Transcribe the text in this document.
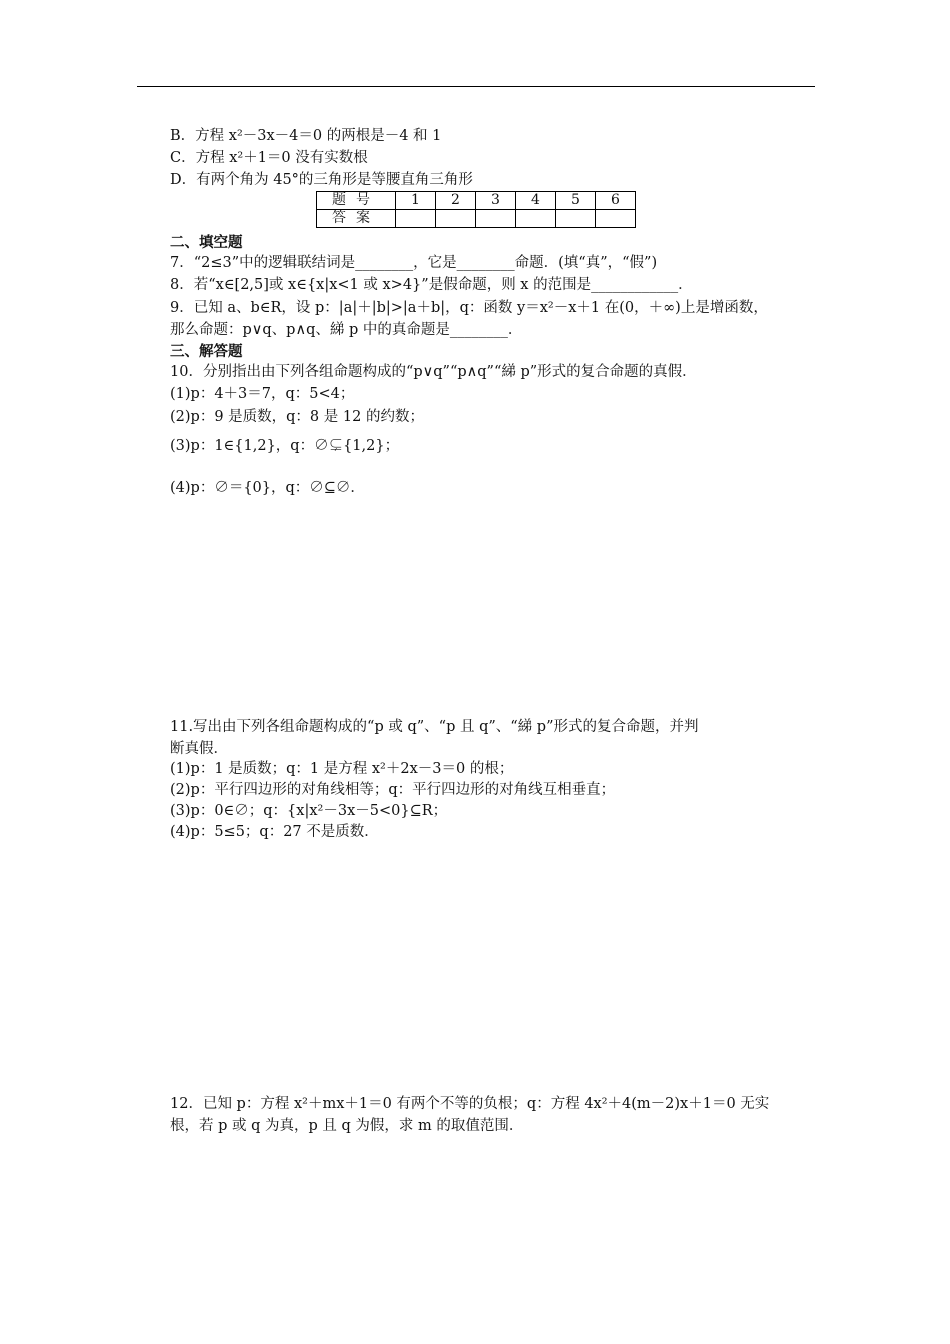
B．方程 x²－3x－4＝0 的两根是－4 和 1
C．方程 x²＋1＝0 没有实数根
D．有两个角为 45°的三角形是等腰直角三角形
题号	1	2	3	4	5	6
答案						
二、填空题
7．“2≤3”中的逻辑联结词是________，它是________命题．(填“真”，“假”)
8．若“x∈[2,5]或 x∈{x|x<1 或 x>4}”是假命题，则 x 的范围是____________．
9．已知 a、b∈R，设 p：|a|＋|b|>|a＋b|，q：函数 y＝x²－x＋1 在(0，＋∞)上是增函数，
那么命题：p∨q、p∧q、綈 p 中的真命题是________．
三、解答题
10．分别指出由下列各组命题构成的“p∨q”“p∧q”“綈 p”形式的复合命题的真假．
(1)p：4＋3＝7，q：5<4；
(2)p：9 是质数，q：8 是 12 的约数；
(3)p：1∈{1,2}，q：∅⊊{1,2}；
(4)p：∅＝{0}，q：∅⊆∅．
11.写出由下列各组命题构成的“p 或 q”、“p 且 q”、“綈 p”形式的复合命题，并判
断真假．
(1)p：1 是质数；q：1 是方程 x²＋2x－3＝0 的根；
(2)p：平行四边形的对角线相等；q：平行四边形的对角线互相垂直；
(3)p：0∈∅；q：{x|x²－3x－5<0}⊆R；
(4)p：5≤5；q：27 不是质数．
12．已知 p：方程 x²＋mx＋1＝0 有两个不等的负根；q：方程 4x²＋4(m－2)x＋1＝0 无实
根，若 p 或 q 为真，p 且 q 为假，求 m 的取值范围．
